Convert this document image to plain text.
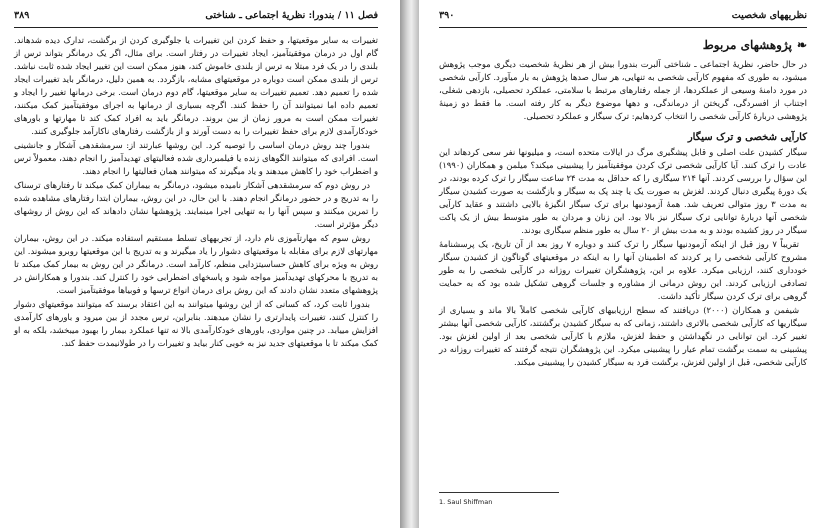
۳۸۹	فصل ۱۱ / بندورا: نظریۀ اجتماعی ـ شناختی

تغییرات به سایر موقعیتها، و حفظ کردن این تغییرات یا جلوگیری کردن از برگشت، تدارک دیده شدهاند. گام اول در درمان موفقیتآمیز، ایجاد تغییرات در رفتار است. برای مثال، اگر یک درمانگر بتواند ترس از بلندی را در یک فرد مبتلا به ترس از بلندی خاموش کند، هنوز ممکن است این تغییر ایجاد شده ثابت نباشد. ترس از بلندی ممکن است دوباره در موقعیتهای مشابه، بازگردد. به همین دلیل، درمانگر باید تغییرات ایجاد شده را تعمیم دهد. تعمیم تغییرات به سایر موقعیتها، گام دوم درمان است. برخی درمانها تغییر را ایجاد و تعمیم داده اما نمیتوانند آن را حفظ کنند. اگرچه بسیاری از درمانها به اجرای موفقیتآمیز کمک میکنند، تغییرات ممکن است به مرور زمان از بین بروند. درمانگر باید به افراد کمک کند تا مهارتها و باورهای خودکارآمدی لازم برای حفظ تغییرات را به دست آورند و از بازگشت رفتارهای ناکارآمد جلوگیری کنند.

بندورا چند روش درمان اساسی را توصیه کرد. این روشها عبارتند از: سرمشقدهی آشکار و جانشینی است. افرادی که میتوانند الگوهای زنده یا فیلمبرداری شده فعالیتهای تهدیدآمیز را انجام دهند، معمولاً ترس و اضطراب خود را کاهش میدهند و یاد میگیرند که میتوانند همان فعالیتها را انجام دهند.

در روش دوم که سرمشقدهی آشکار نامیده میشود، درمانگر به بیماران کمک میکند تا رفتارهای ترسناک را به تدریج و در حضور درمانگر انجام دهند. با این حال، در این روش، بیماران ابتدا رفتارهای مشاهده شده را تمرین میکنند و سپس آنها را به تنهایی اجرا مینمایند. پژوهشها نشان دادهاند که این روش از روشهای دیگر مؤثرتر است.

روش سوم که مهارتآموزی نام دارد، از تجربههای تسلط مستقیم استفاده میکند. در این روش، بیماران مهارتهای لازم برای مقابله با موقعیتهای دشوار را یاد میگیرند و به تدریج با این موقعیتها روبرو میشوند. این روش به ویژه برای کاهش حساسیتزدایی منظم، کارآمد است. درمانگر در این روش به بیمار کمک میکند تا به تدریج با محرکهای تهدیدآمیز مواجه شود و پاسخهای اضطرابی خود را کنترل کند. بندورا و همکارانش در پژوهشهای متعدد نشان دادند که این روش برای درمان انواع ترسها و فوبیاها موفقیتآمیز است.

بندورا ثابت کرد، که کسانی که از این روشها میتوانند به این اعتقاد برسند که میتوانند موقعیتهای دشوار را کنترل کنند، تغییرات پایدارتری را نشان میدهند. بنابراین، ترس مجدد از بین میرود و باورهای کارآمدی افزایش مییابد. در چنین مواردی، باورهای خودکارآمدی بالا نه تنها عملکرد بیمار را بهبود میبخشد، بلکه به او کمک میکند تا با موقعیتهای جدید نیز به خوبی کنار بیاید و تغییرات را در طولانیمدت حفظ کند.

۳۹۰	نظریههای شخصیت
❧
پژوهشهای مربوط

در حال حاضر، نظریۀ اجتماعی ـ شناختی آلبرت بندورا بیش از هر نظریۀ شخصیت دیگری موجب پژوهش میشود، به طوری که مفهوم کارآیی شخصی به تنهایی، هر سال صدها پژوهش به بار میآورد. کارآیی شخصی در مورد دامنۀ وسیعی از عملکردها، از جمله رفتارهای مرتبط با سلامتی، عملکرد تحصیلی، بازدهی شغلی، اجتناب از افسردگی، گریختن از درماندگی، و دهها موضوع دیگر به کار رفته است. ما فقط دو زمینۀ پژوهشی دربارۀ کارآیی شخصی را انتخاب کردهایم: ترک سیگار و عملکرد تحصیلی.

کارآیی شخصی و ترک سیگار

سیگار کشیدن علت اصلی و قابل پیشگیری مرگ در ایالات متحده است، و میلیونها نفر سعی کردهاند این عادت را ترک کنند. آیا کارآیی شخصی ترک کردن موفقیتآمیز را پیشبینی میکند؟ میلمن و همکاران (۱۹۹۰) این سؤال را بررسی کردند. آنها ۲۱۴ سیگاری را که حداقل به مدت ۲۴ ساعت سیگار را ترک کرده بودند، در یک دورۀ پیگیری دنبال کردند. لغزش به صورت یک یا چند پک به سیگار و بازگشت به صورت کشیدن سیگار به مدت ۳ روز متوالی تعریف شد. همۀ آزمودنیها برای ترک سیگار انگیزۀ بالایی داشتند و عقاید کارآیی شخصی آنها دربارۀ توانایی ترک سیگار نیز بالا بود. این زنان و مردان به طور متوسط بیش از یک پاکت سیگار در روز کشیده بودند و به مدت بیش از ۲۰ سال به طور منظم سیگاری بودند.

تقریباً ۷ روز قبل از اینکه آزمودنیها سیگار را ترک کنند و دوباره ۷ روز بعد از آن تاریخ، یک پرسشنامۀ مشروح کارآیی شخصی را پر کردند که اطمینان آنها را به اینکه در موقعیتهای گوناگون از کشیدن سیگار خودداری کنند، ارزیابی میکرد. علاوه بر این، پژوهشگران تغییرات روزانه در کارآیی شخصی را به طور تصادفی ارزیابی کردند. این روش درمانی از مشاوره و جلسات گروهی تشکیل شده بود که به حمایت گروهی برای ترک کردن سیگار تأکید داشت.

شیفمن و همکاران (۲۰۰۰) دریافتند که سطح ارزیابیهای کارآیی شخصی کاملاً بالا ماند و بسیاری از سیگاریها که کارآیی شخصی بالاتری داشتند، زمانی که به سیگار کشیدن برگشتند، کارآیی شخصی آنها بیشتر تغییر کرد. این توانایی در نگهداشتن و حفظ لغزش، ملازم با کارآیی شخصی بعد از اولین لغزش بود. پیشبینی به سمت برگشت تمام عیار را پیشبینی میکرد. این پژوهشگران نتیجه گرفتند که تغییرات روزانه در کارآیی شخصی، قبل از اولین لغزش، برگشت فرد به سیگار کشیدن را پیشبینی میکند.

1. Saul Shiffman
